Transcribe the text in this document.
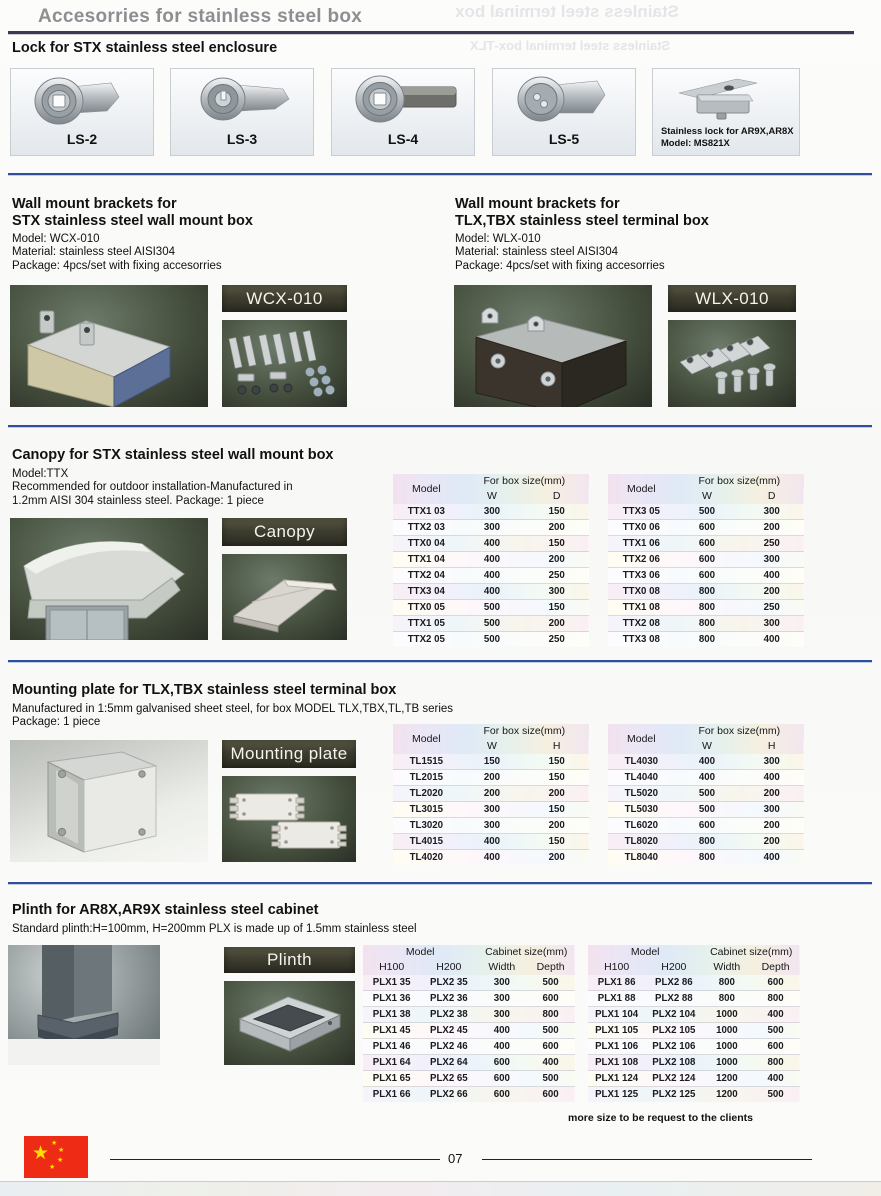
Accesorries for stainless steel box	Stainless steel terminal box
Stainless steel terminal box-TLX
Lock for STX stainless steel enclosure
LS-2	LS-3	LS-4	LS-5
Stainless lock for AR9X,AR8X
Model: MS821X
Wall mount brackets for
STX stainless steel wall mount box
Model: WCX-010
Material: stainless steel AISI304
Package: 4pcs/set with fixing accesorries
WCX-010
Wall mount brackets for
TLX,TBX stainless steel terminal box
Model: WLX-010
Material: stainless steel AISI304
Package: 4pcs/set with fixing accesorries
WLX-010
Canopy for STX stainless steel wall mount box
Model:TTX
Recommended for outdoor installation-Manufactured in
1.2mm AISI 304 stainless steel. Package: 1 piece
Canopy
Model	For box size(mm)	
	W	D
TTX1 03	300	150
TTX2 03	300	200
TTX0 04	400	150
TTX1 04	400	200
TTX2 04	400	250
TTX3 04	400	300
TTX0 05	500	150
TTX1 05	500	200
TTX2 05	500	250
Model	For box size(mm)	
	W	D
TTX3 05	500	300
TTX0 06	600	200
TTX1 06	600	250
TTX2 06	600	300
TTX3 06	600	400
TTX0 08	800	200
TTX1 08	800	250
TTX2 08	800	300
TTX3 08	800	400
Mounting plate for TLX,TBX stainless steel terminal box
Manufactured in 1:5mm galvanised sheet steel, for box MODEL TLX,TBX,TL,TB series
Package: 1 piece
Mounting plate
Model	For box size(mm)	
	W	H
TL1515	150	150
TL2015	200	150
TL2020	200	200
TL3015	300	150
TL3020	300	200
TL4015	400	150
TL4020	400	200
Model	For box size(mm)	
	W	H
TL4030	400	300
TL4040	400	400
TL5020	500	200
TL5030	500	300
TL6020	600	200
TL8020	800	200
TL8040	800	400
Plinth for AR8X,AR9X stainless steel cabinet
Standard plinth:H=100mm, H=200mm PLX is made up of 1.5mm stainless steel
Plinth	Model		Cabinet size(mm)	
H100	H200	Width	Depth
PLX1 35	PLX2 35	300	500
PLX1 36	PLX2 36	300	600
PLX1 38	PLX2 38	300	800
PLX1 45	PLX2 45	400	500
PLX1 46	PLX2 46	400	600
PLX1 64	PLX2 64	600	400
PLX1 65	PLX2 65	600	500
PLX1 66	PLX2 66	600	600
Model		Cabinet size(mm)	
H100	H200	Width	Depth
PLX1 86	PLX2 86	800	600
PLX1 88	PLX2 88	800	800
PLX1 104	PLX2 104	1000	400
PLX1 105	PLX2 105	1000	500
PLX1 106	PLX2 106	1000	600
PLX1 108	PLX2 108	1000	800
PLX1 124	PLX2 124	1200	400
PLX1 125	PLX2 125	1200	500
more size to be request to the clients
★ ★
★
★
★
07
